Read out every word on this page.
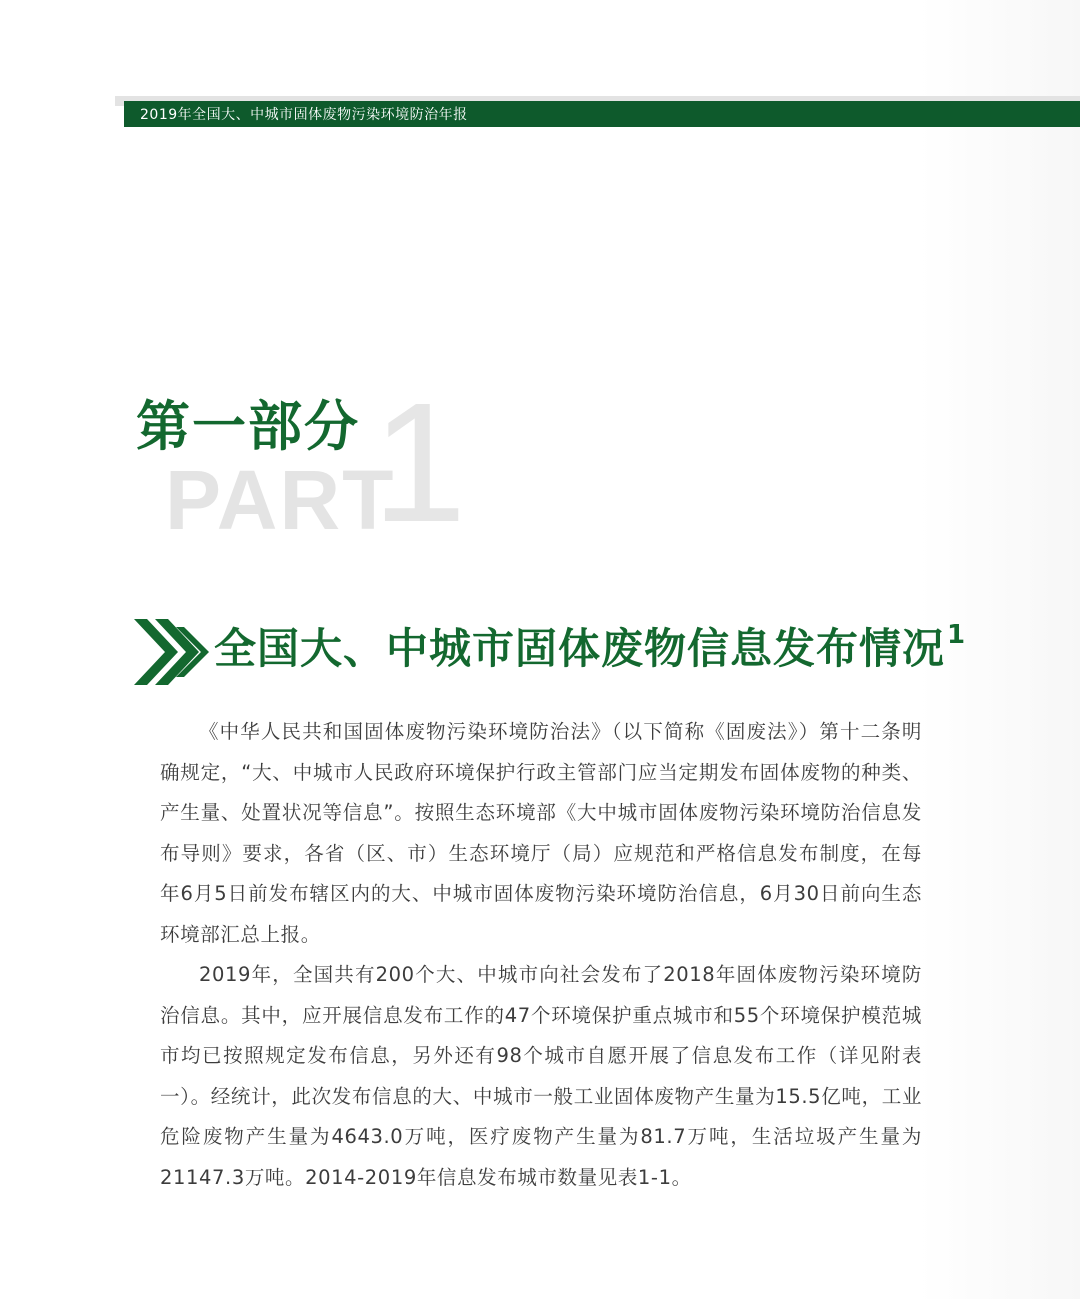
2019年全国大、中城市固体废物污染环境防治年报
PART
1
第一部分
全国大、中城市固体废物信息发布情况$^1$

《中华人民共和国固体废物污染环境防治法》（以下简称《固废法》）第十二条明确规定，“大、中城市人民政府环境保护行政主管部门应当定期发布固体废物的种类、产生量、处置状况等信息”。按照生态环境部《大中城市固体废物污染环境防治信息发布导则》要求，各省（区、市）生态环境厅（局）应规范和严格信息发布制度，在每年6月5日前发布辖区内的大、中城市固体废物污染环境防治信息，6月30日前向生态环境部汇总上报。

2019年，全国共有200个大、中城市向社会发布了2018年固体废物污染环境防治信息。其中，应开展信息发布工作的47个环境保护重点城市和55个环境保护模范城市均已按照规定发布信息，另外还有98个城市自愿开展了信息发布工作（详见附表一）。经统计，此次发布信息的大、中城市一般工业固体废物产生量为15.5亿吨，工业危险废物产生量为4643.0万吨，医疗废物产生量为81.7万吨，生活垃圾产生量为21147.3万吨。2014-2019年信息发布城市数量见表1-1。
